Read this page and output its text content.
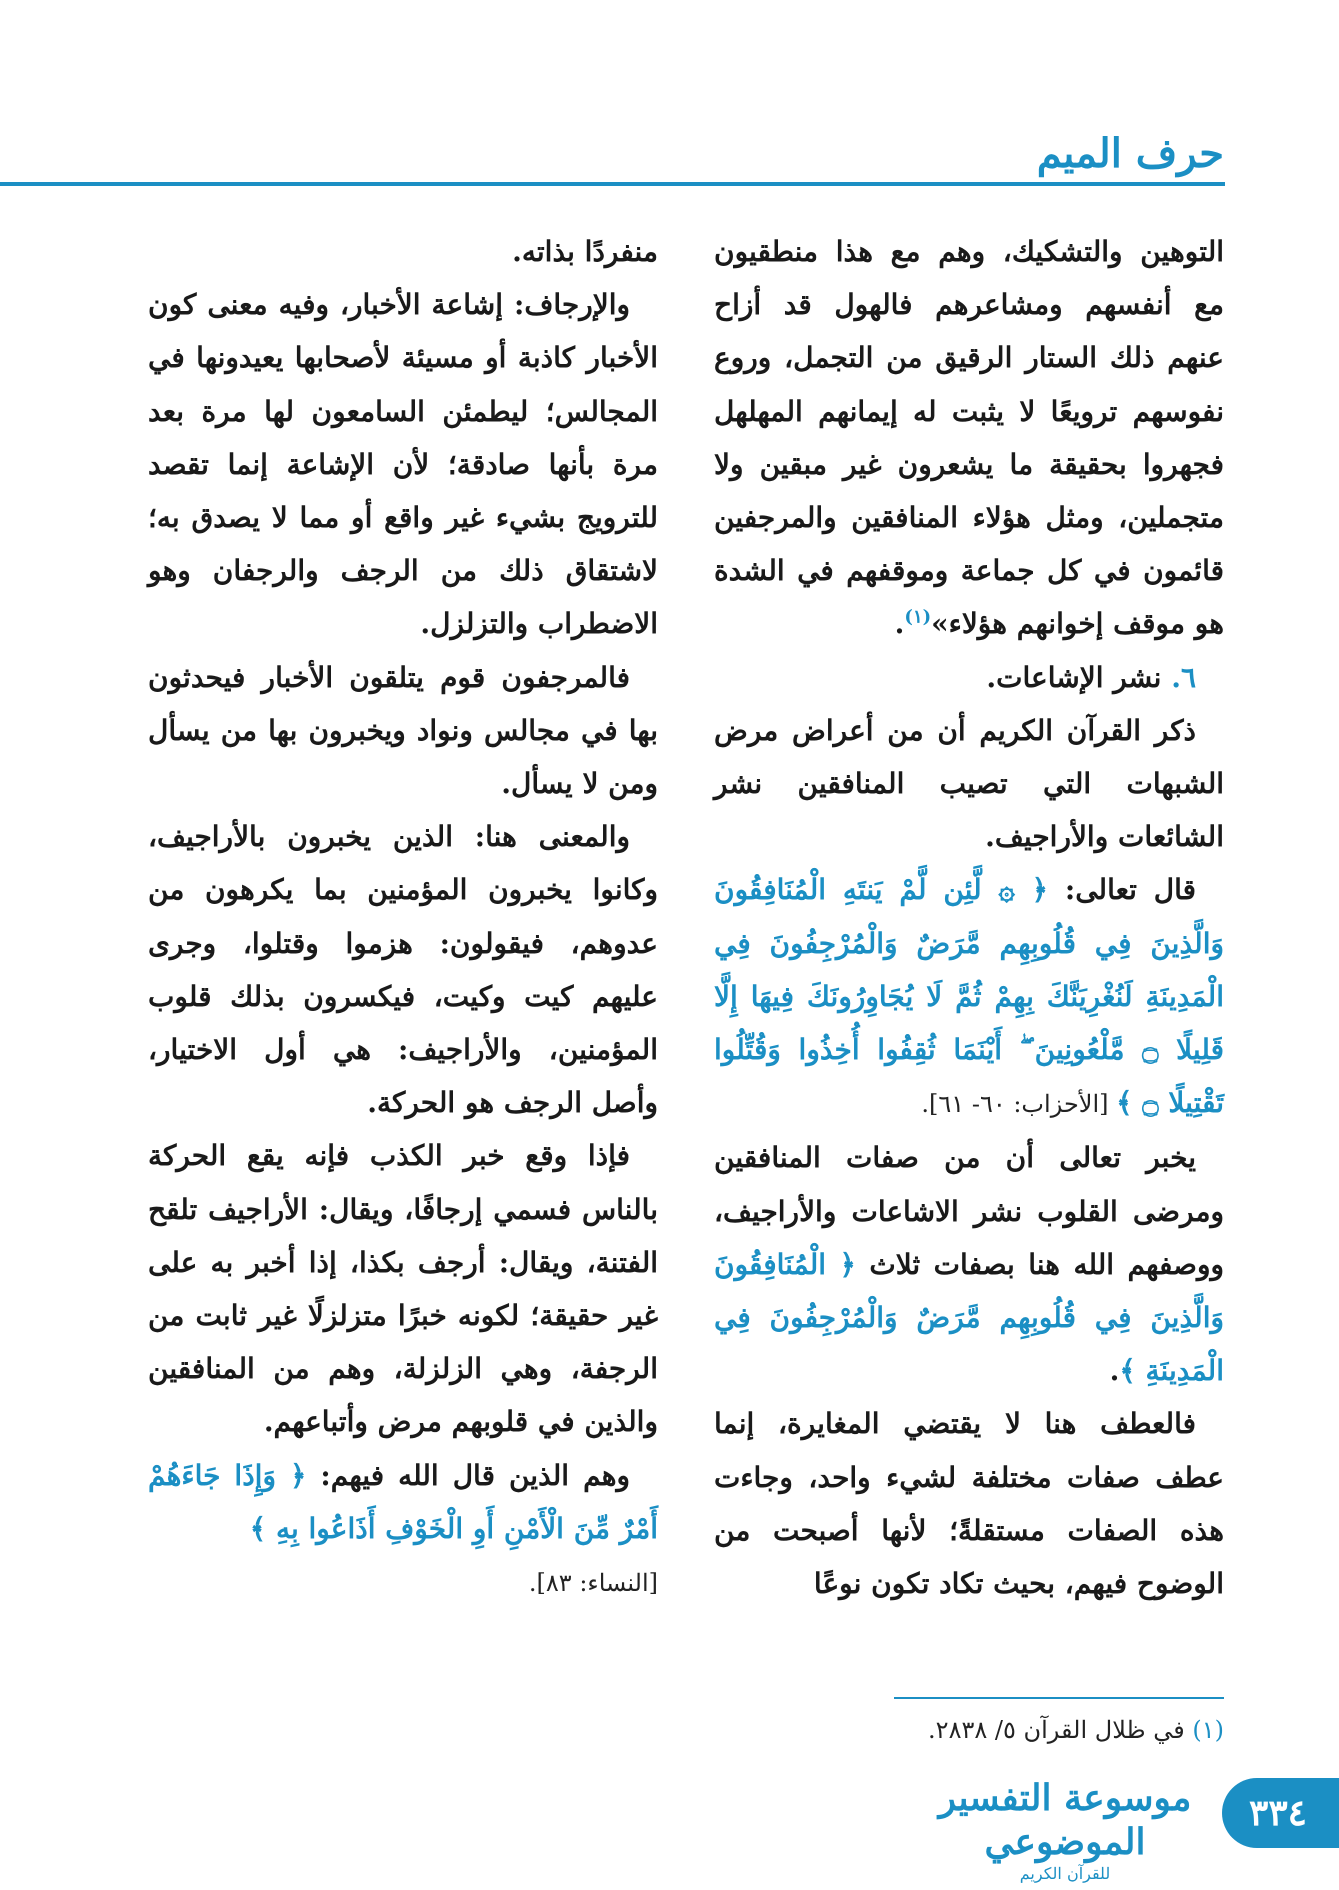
حرف الميم

التوهين والتشكيك، وهم مع هذا منطقيون مع أنفسهم ومشاعرهم فالهول قد أزاح عنهم ذلك الستار الرقيق من التجمل، وروع نفوسهم ترويعًا لا يثبت له إيمانهم المهلهل فجهروا بحقيقة ما يشعرون غير مبقين ولا متجملين، ومثل هؤلاء المنافقين والمرجفين قائمون في كل جماعة وموقفهم في الشدة هو موقف إخوانهم هؤلاء»$^{(١)}$.

٦. نشر الإشاعات.

ذكر القرآن الكريم أن من أعراض مرض الشبهات التي تصيب المنافقين نشر الشائعات والأراجيف.

قال تعالى: ﴿ ۞ لَّئِن لَّمْ يَنتَهِ الْمُنَافِقُونَ وَالَّذِينَ فِي قُلُوبِهِم مَّرَضٌ وَالْمُرْجِفُونَ فِي الْمَدِينَةِ لَنُغْرِيَنَّكَ بِهِمْ ثُمَّ لَا يُجَاوِرُونَكَ فِيهَا إِلَّا قَلِيلًا ۝ مَّلْعُونِينَ ۖ أَيْنَمَا ثُقِفُوا أُخِذُوا وَقُتِّلُوا تَقْتِيلًا ۝ ﴾ [الأحزاب: ٦٠- ٦١].

يخبر تعالى أن من صفات المنافقين ومرضى القلوب نشر الاشاعات والأراجيف، ووصفهم الله هنا بصفات ثلاث ﴿ الْمُنَافِقُونَ وَالَّذِينَ فِي قُلُوبِهِم مَّرَضٌ وَالْمُرْجِفُونَ فِي الْمَدِينَةِ ﴾.

فالعطف هنا لا يقتضي المغايرة، إنما عطف صفات مختلفة لشيء واحد، وجاءت هذه الصفات مستقلةً؛ لأنها أصبحت من الوضوح فيهم، بحيث تكاد تكون نوعًا

منفردًا بذاته.

والإرجاف: إشاعة الأخبار، وفيه معنى كون الأخبار كاذبة أو مسيئة لأصحابها يعيدونها في المجالس؛ ليطمئن السامعون لها مرة بعد مرة بأنها صادقة؛ لأن الإشاعة إنما تقصد للترويج بشيء غير واقع أو مما لا يصدق به؛ لاشتقاق ذلك من الرجف والرجفان وهو الاضطراب والتزلزل.

فالمرجفون قوم يتلقون الأخبار فيحدثون بها في مجالس ونواد ويخبرون بها من يسأل ومن لا يسأل.

والمعنى هنا: الذين يخبرون بالأراجيف، وكانوا يخبرون المؤمنين بما يكرهون من عدوهم، فيقولون: هزموا وقتلوا، وجرى عليهم كيت وكيت، فيكسرون بذلك قلوب المؤمنين، والأراجيف: هي أول الاختيار، وأصل الرجف هو الحركة.

فإذا وقع خبر الكذب فإنه يقع الحركة بالناس فسمي إرجافًا، ويقال: الأراجيف تلقح الفتنة، ويقال: أرجف بكذا، إذا أخبر به على غير حقيقة؛ لكونه خبرًا متزلزلًا غير ثابت من الرجفة، وهي الزلزلة، وهم من المنافقين والذين في قلوبهم مرض وأتباعهم.

وهم الذين قال الله فيهم: ﴿ وَإِذَا جَاءَهُمْ أَمْرٌ مِّنَ الْأَمْنِ أَوِ الْخَوْفِ أَذَاعُوا بِهِ ﴾
[النساء: ٨٣].

(١) في ظلال القرآن ٥/ ٢٨٣٨.
موسوعة التفسير الموضوعي
للقرآن الكريم
٣٣٤
